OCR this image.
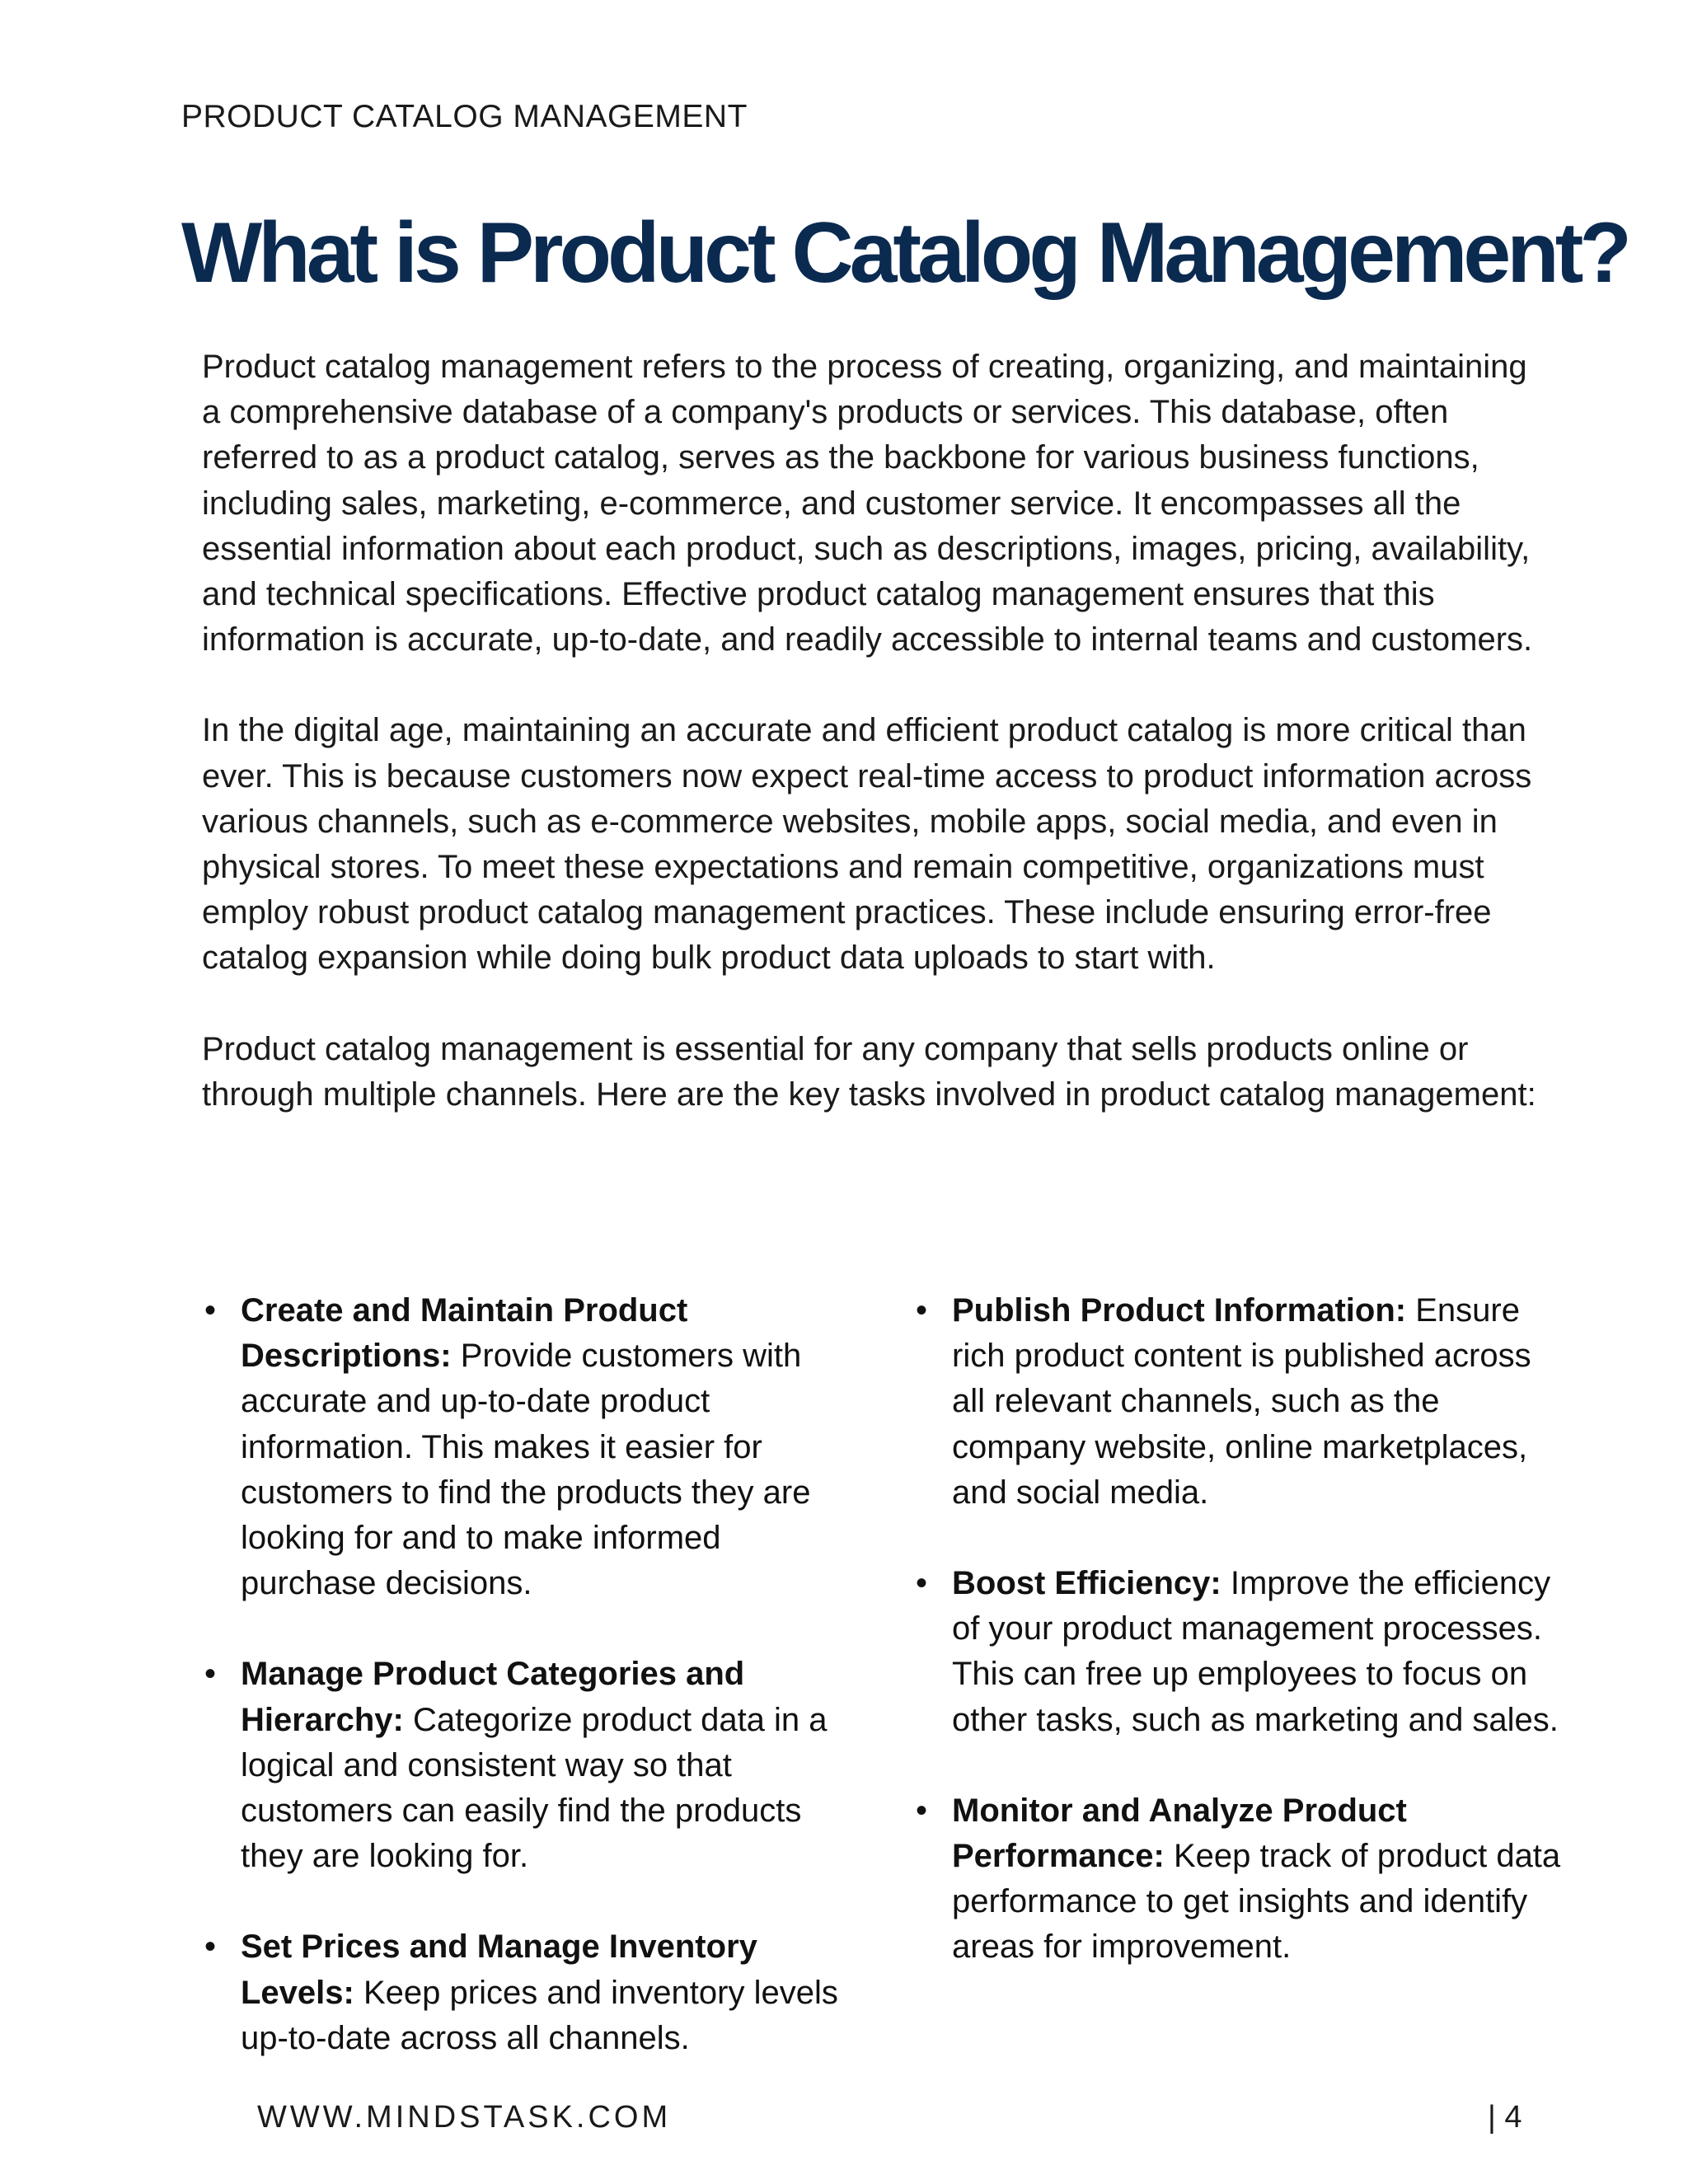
PRODUCT CATALOG MANAGEMENT
What is Product Catalog Management?

Product catalog management refers to the process of creating, organizing, and maintaining a comprehensive database of a company's products or services. This database, often referred to as a product catalog, serves as the backbone for various business functions, including sales, marketing, e-commerce, and customer service. It encompasses all the essential information about each product, such as descriptions, images, pricing, availability, and technical specifications. Effective product catalog management ensures that this information is accurate, up-to-date, and readily accessible to internal teams and customers.

In the digital age, maintaining an accurate and efficient product catalog is more critical than ever. This is because customers now expect real-time access to product information across various channels, such as e-commerce websites, mobile apps, social media, and even in physical stores. To meet these expectations and remain competitive, organizations must employ robust product catalog management practices. These include ensuring error-free catalog expansion while doing bulk product data uploads to start with.

Product catalog management is essential for any company that sells products online or through multiple channels. Here are the key tasks involved in product catalog management:

• Create and Maintain Product Descriptions: Provide customers with accurate and up-to-date product information. This makes it easier for customers to find the products they are looking for and to make informed purchase decisions.
• Manage Product Categories and Hierarchy: Categorize product data in a logical and consistent way so that customers can easily find the products they are looking for.
• Set Prices and Manage Inventory Levels: Keep prices and inventory levels up-to-date across all channels.
• Publish Product Information: Ensure rich product content is published across all relevant channels, such as the company website, online marketplaces, and social media.
• Boost Efficiency: Improve the efficiency of your product management processes. This can free up employees to focus on other tasks, such as marketing and sales.
• Monitor and Analyze Product Performance: Keep track of product data performance to get insights and identify areas for improvement.
WWW.MINDSTASK.COM	| 4
